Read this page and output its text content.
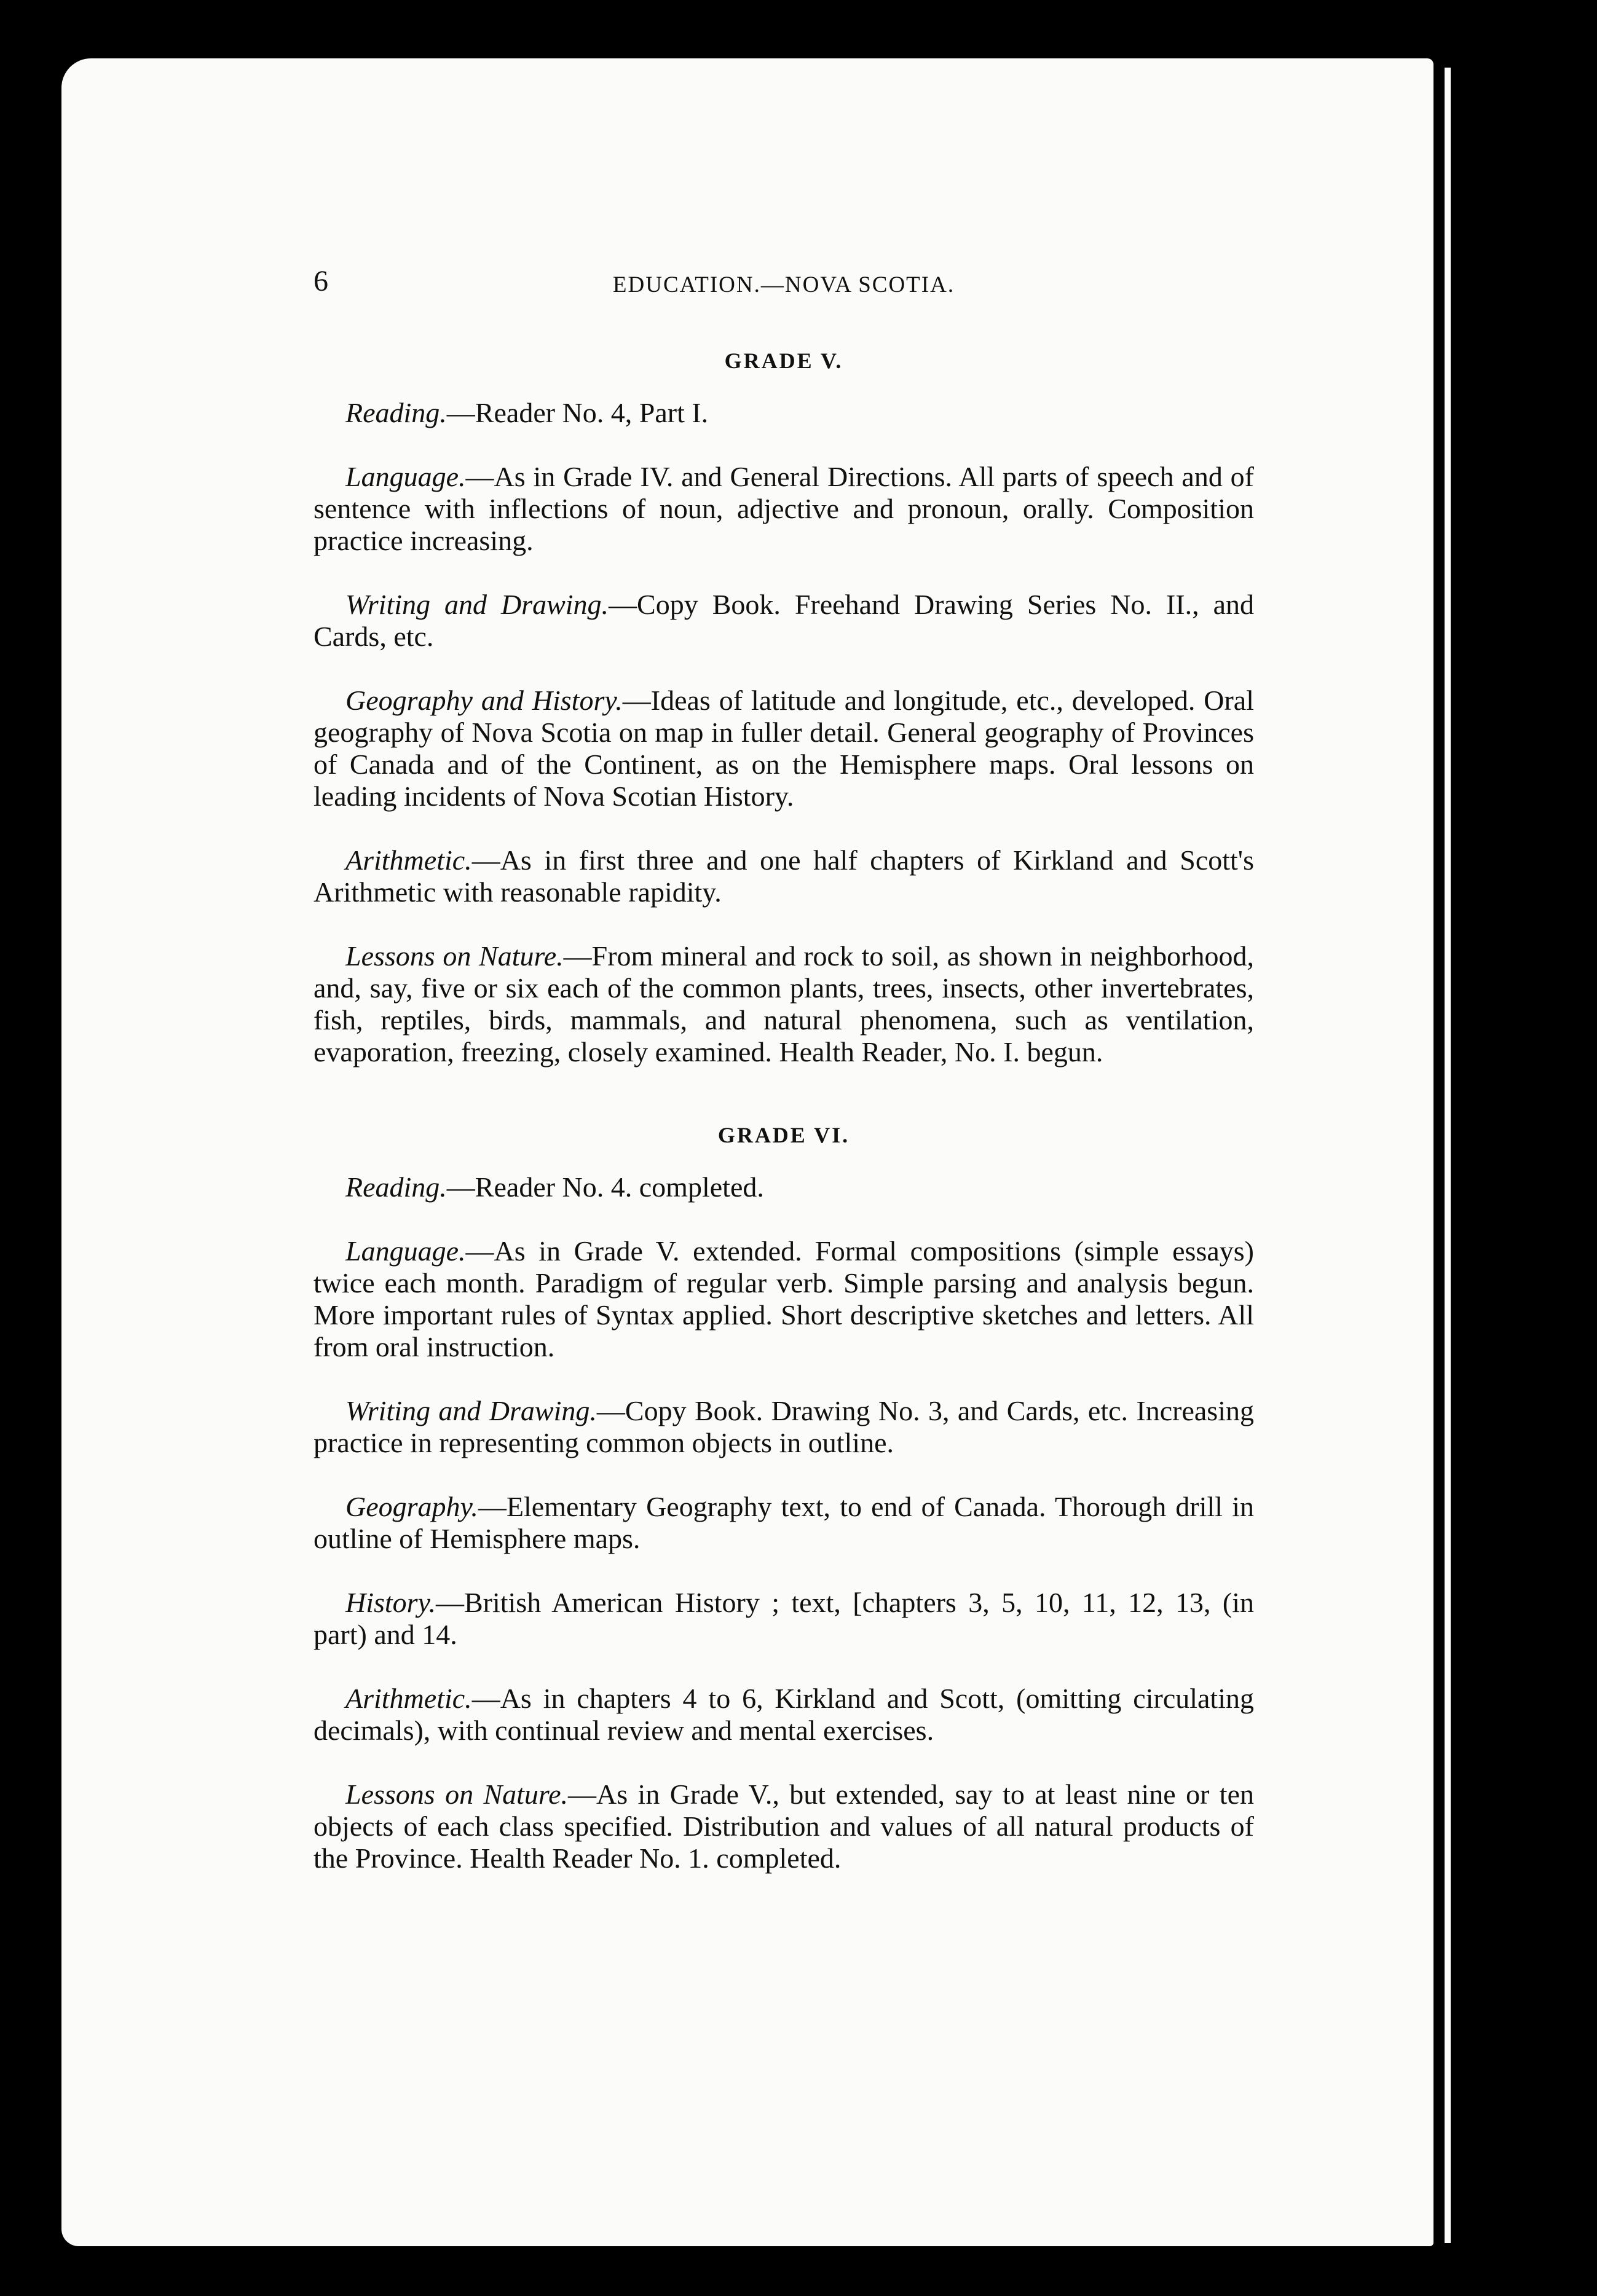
6	EDUCATION.—NOVA SCOTIA.
GRADE V.

Reading.—Reader No. 4, Part I.

Language.—As in Grade IV. and General Directions. All parts of speech and of sentence with inflections of noun, adjective and pronoun, orally. Composition practice increasing.

Writing and Drawing.—Copy Book. Freehand Drawing Series No. II., and Cards, etc.

Geography and History.—Ideas of latitude and longitude, etc., developed. Oral geography of Nova Scotia on map in fuller detail. General geography of Provinces of Canada and of the Continent, as on the Hemisphere maps. Oral lessons on leading incidents of Nova Scotian History.

Arithmetic.—As in first three and one half chapters of Kirkland and Scott's Arithmetic with reasonable rapidity.

Lessons on Nature.—From mineral and rock to soil, as shown in neighborhood, and, say, five or six each of the common plants, trees, insects, other invertebrates, fish, reptiles, birds, mammals, and natural phenomena, such as ventilation, evaporation, freezing, closely examined. Health Reader, No. I. begun.

GRADE VI.

Reading.—Reader No. 4. completed.

Language.—As in Grade V. extended. Formal compositions (simple essays) twice each month. Paradigm of regular verb. Simple parsing and analysis begun. More important rules of Syntax applied. Short descriptive sketches and letters. All from oral instruction.

Writing and Drawing.—Copy Book. Drawing No. 3, and Cards, etc. Increasing practice in representing common objects in outline.

Geography.—Elementary Geography text, to end of Canada. Thorough drill in outline of Hemisphere maps.

History.—British American History ; text, [chapters 3, 5, 10, 11, 12, 13, (in part) and 14.

Arithmetic.—As in chapters 4 to 6, Kirkland and Scott, (omitting circulating decimals), with continual review and mental exercises.

Lessons on Nature.—As in Grade V., but extended, say to at least nine or ten objects of each class specified. Distribution and values of all natural products of the Province. Health Reader No. 1. completed.
